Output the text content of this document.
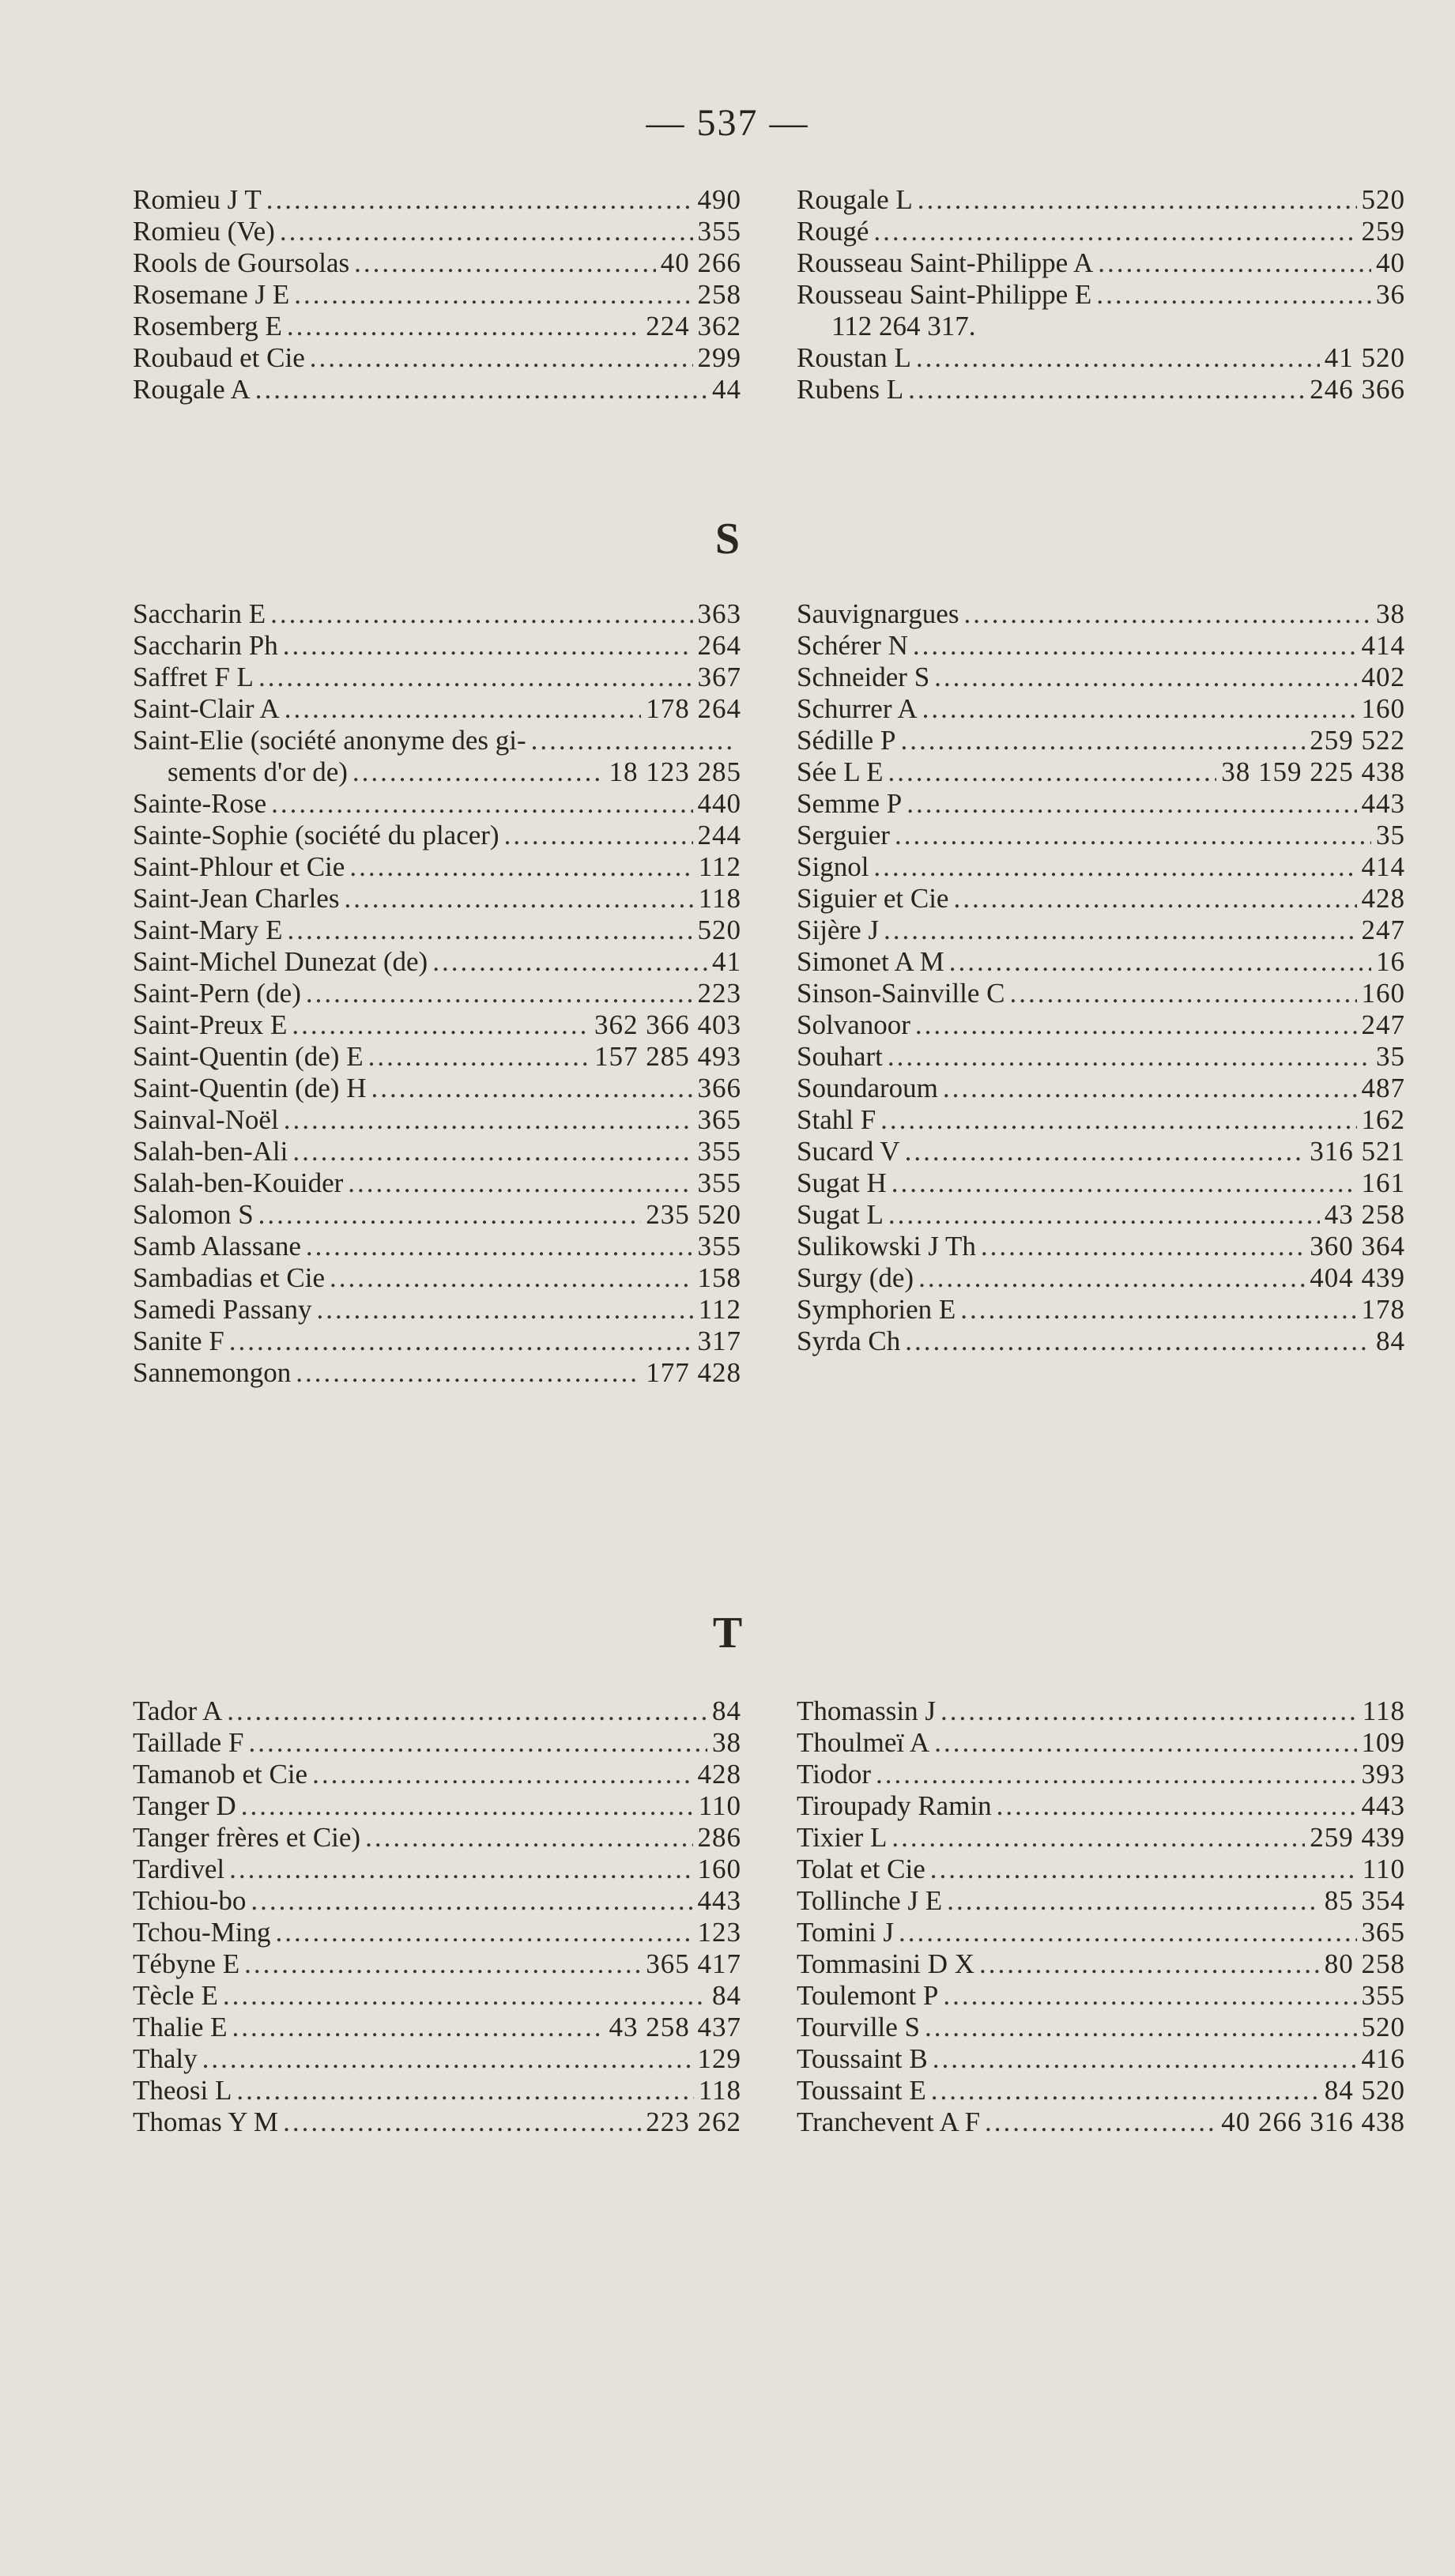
— 537 —
Romieu J T .....	490
Romieu (Ve) .....	355
Rools de Goursolas .....	40 266
Rosemane J E .....	258
Rosemberg E .....	224 362
Roubaud et Cie .....	299
Rougale A .....	44
Rougale L .....	520
Rougé .....	259
Rousseau Saint-Philippe A .....	40
Rousseau Saint-Philippe E .....	36
112 264 317.
Roustan L .....	41 520
Rubens L .....	246 366
S
Saccharin E .....	363
Saccharin Ph .....	264
Saffret F L .....	367
Saint-Clair A .....	178 264
Saint-Elie (société anonyme des gi-
.....
sements d'or de) .....	18 123 285
Sainte-Rose .....	440
Sainte-Sophie (société du placer) .....	244
Saint-Phlour et Cie .....	112
Saint-Jean Charles .....	118
Saint-Mary E .....	520
Saint-Michel Dunezat (de) .....	41
Saint-Pern (de) .....	223
Saint-Preux E .....	362 366 403
Saint-Quentin (de) E .....	157 285 493
Saint-Quentin (de) H .....	366
Sainval-Noël .....	365
Salah-ben-Ali .....	355
Salah-ben-Kouider .....	355
Salomon S .....	235 520
Samb Alassane .....	355
Sambadias et Cie .....	158
Samedi Passany .....	112
Sanite F .....	317
Sannemongon .....	177 428
Sauvignargues .....	38
Schérer N .....	414
Schneider S .....	402
Schurrer A .....	160
Sédille P .....	259 522
Sée L E .....	38 159 225 438
Semme P .....	443
Serguier .....	35
Signol .....	414
Siguier et Cie .....	428
Sijère J .....	247
Simonet A M .....	16
Sinson-Sainville C .....	160
Solvanoor .....	247
Souhart .....	35
Soundaroum .....	487
Stahl F .....	162
Sucard V .....	316 521
Sugat H .....	161
Sugat L .....	43 258
Sulikowski J Th .....	360 364
Surgy (de) .....	404 439
Symphorien E .....	178
Syrda Ch .....	84
T
Tador A .....	84
Taillade F .....	38
Tamanob et Cie .....	428
Tanger D .....	110
Tanger frères et Cie) .....	286
Tardivel .....	160
Tchiou-bo .....	443
Tchou-Ming .....	123
Tébyne E .....	365 417
Tècle E .....	84
Thalie E .....	43 258 437
Thaly .....	129
Theosi L .....	118
Thomas Y M .....	223 262
Thomassin J .....	118
Thoulmeï A .....	109
Tiodor .....	393
Tiroupady Ramin .....	443
Tixier L .....	259 439
Tolat et Cie .....	110
Tollinche J E .....	85 354
Tomini J .....	365
Tommasini D X .....	80 258
Toulemont P .....	355
Tourville S .....	520
Toussaint B .....	416
Toussaint E .....	84 520
Tranchevent A F .....	40 266 316 438
